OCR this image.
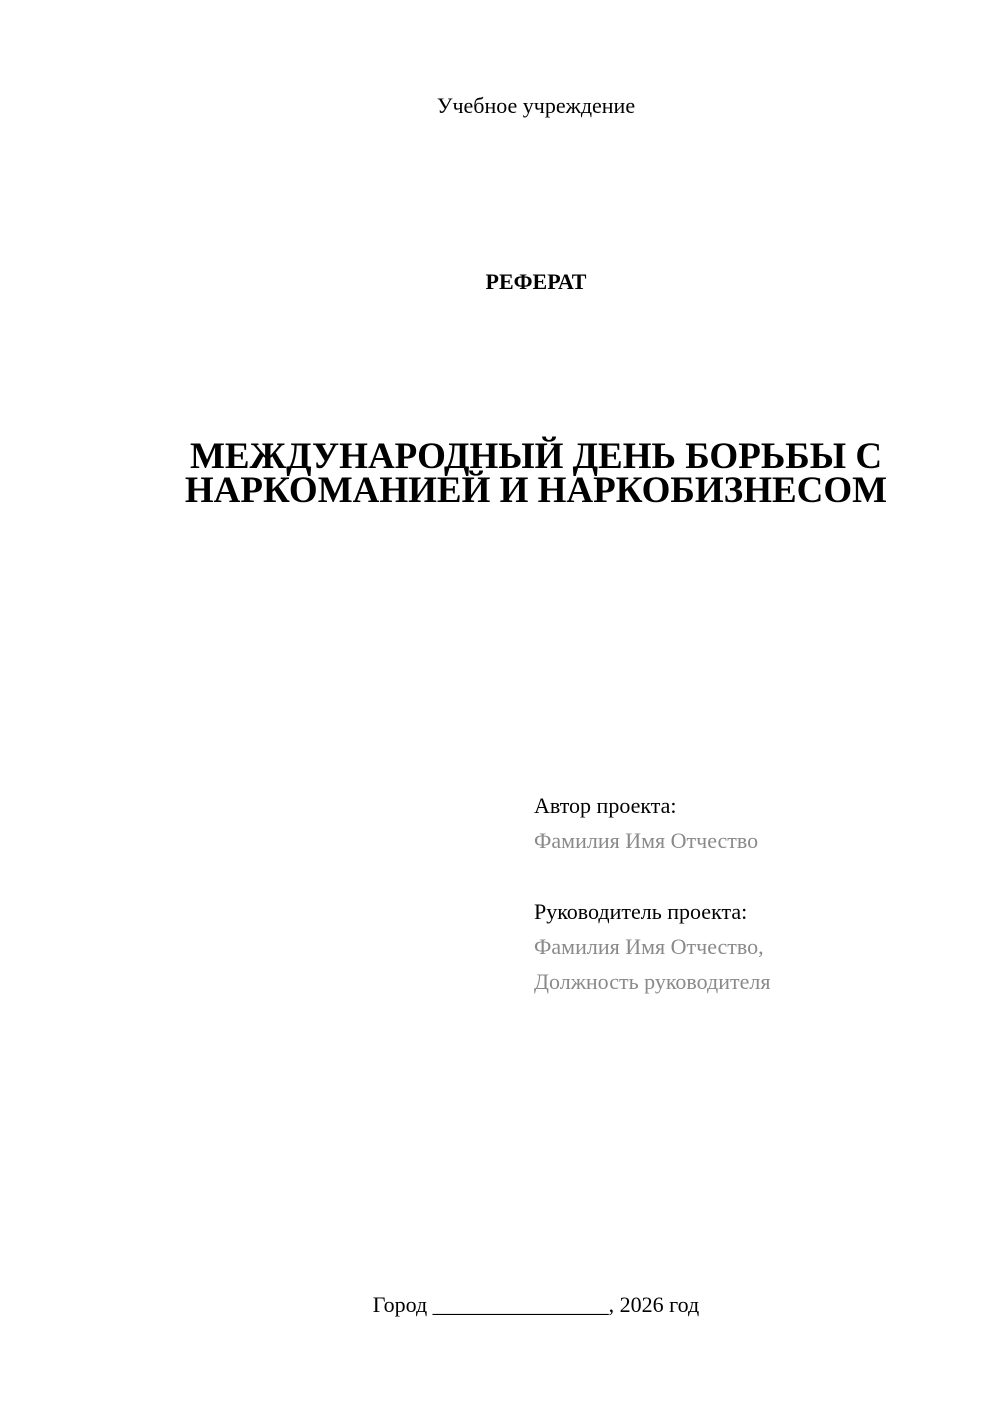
Учебное учреждение
РЕФЕРАТ
МЕЖДУНАРОДНЫЙ ДЕНЬ БОРЬБЫ С
НАРКОМАНИЕЙ И НАРКОБИЗНЕСОМ
Автор проекта:
Фамилия Имя Отчество
Руководитель проекта:
Фамилия Имя Отчество,
Должность руководителя
Город ________________, 2026 год
